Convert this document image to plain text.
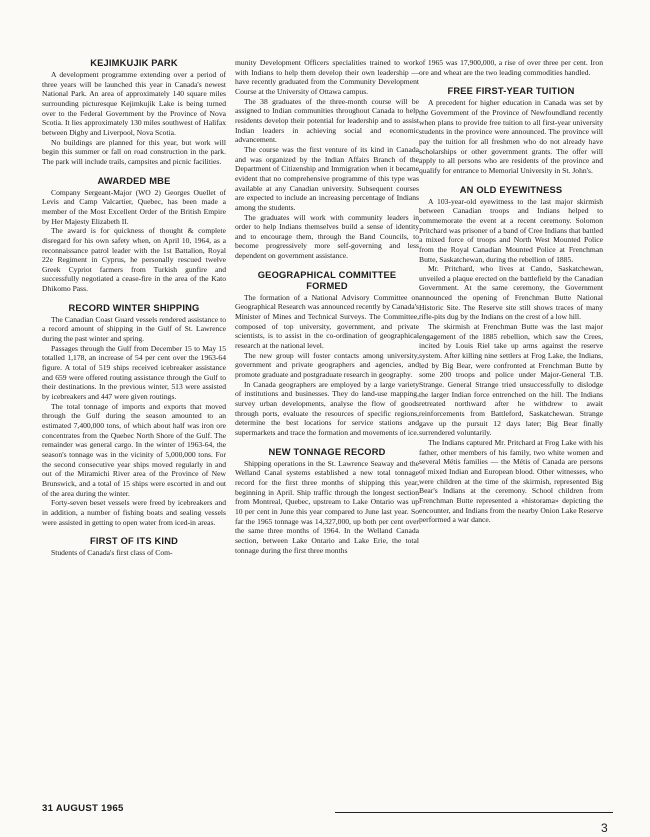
KEJIMKUJIK PARK

A development programme extending over a period of three years will be launched this year in Canada's newest National Park. An area of approximately 140 square miles surrounding picturesque Kejimkujik Lake is being turned over to the Federal Government by the Province of Nova Scotia. It lies approximately 130 miles southwest of Halifax between Digby and Liverpool, Nova Scotia.

No buildings are planned for this year, but work will begin this summer or fall on road construction in the park. The park will include trails, campsites and picnic facilities.

AWARDED MBE

Company Sergeant-Major (WO 2) Georges Ouellet of Levis and Camp Valcartier, Quebec, has been made a member of the Most Excellent Order of the British Empire by Her Majesty Elizabeth II.

The award is for quickness of thought & complete disregard for his own safety when, on April 10, 1964, as a reconnaissance patrol leader with the 1st Battalion, Royal 22e Regiment in Cyprus, he personally rescued twelve Greek Cypriot farmers from Turkish gunfire and successfully negotiated a cease-fire in the area of the Kato Dhikomo Pass.

RECORD WINTER SHIPPING

The Canadian Coast Guard vessels rendered assistance to a record amount of shipping in the Gulf of St. Lawrence during the past winter and spring.

Passages through the Gulf from December 15 to May 15 totalled 1,178, an increase of 54 per cent over the 1963-64 figure. A total of 519 ships received icebreaker assistance and 659 were offered routing assistance through the Gulf to their destinations. In the previous winter, 513 were assisted by icebreakers and 447 were given routings.

The total tonnage of imports and exports that moved through the Gulf during the season amounted to an estimated 7,400,000 tons, of which about half was iron ore concentrates from the Quebec North Shore of the Gulf. The remainder was general cargo. In the winter of 1963-64, the season's tonnage was in the vicinity of 5,000,000 tons. For the second consecutive year ships moved regularly in and out of the Miramichi River area of the Province of New Brunswick, and a total of 15 ships were escorted in and out of the area during the winter.

Forty-seven beset vessels were freed by icebreakers and in addition, a number of fishing boats and sealing vessels were assisted in getting to open water from iced-in areas.

FIRST OF ITS KIND

Students of Canada's first class of Com-

munity Development Officers specialities trained to work with Indians to help them develop their own leadership — have recently graduated from the Community Development Course at the University of Ottawa campus.

The 38 graduates of the three-month course will be assigned to Indian communities throughout Canada to help residents develop their potential for leadership and to assist Indian leaders in achieving social and economic advancement.

The course was the first venture of its kind in Canada and was organized by the Indian Affairs Branch of the Department of Citizenship and Immigration when it became evident that no comprehensive programme of this type was available at any Canadian university. Subsequent courses are expected to include an increasing percentage of Indians among the students.

The graduates will work with community leaders in order to help Indians themselves build a sense of identity and to encourage them, through the Band Councils, to become progressively more self-governing and less dependent on government assistance.

GEOGRAPHICAL COMMITTEE
FORMED

The formation of a National Advisory Committee on Geographical Research was announced recently by Canada's Minister of Mines and Technical Surveys. The Committee, composed of top university, government, and private scientists, is to assist in the co-ordination of geographical research at the national level.

The new group will foster contacts among university, government and private geographers and agencies, and promote graduate and postgraduate research in geography.

In Canada geographers are employed by a large variety of institutions and businesses. They do land-use mapping, survey urban developments, analyse the flow of goods through ports, evaluate the resources of specific regions, determine the best locations for service stations and supermarkets and trace the formation and movements of ice.

NEW TONNAGE RECORD

Shipping operations in the St. Lawrence Seaway and the Welland Canal systems established a new total tonnage record for the first three months of shipping this year, beginning in April. Ship traffic through the longest section from Montreal, Quebec, upstream to Lake Ontario was up 10 per cent in June this year compared to June last year. So far the 1965 tonnage was 14,327,000, up both per cent over the same three months of 1964. In the Welland Canada section, between Lake Ontario and Lake Erie, the total tonnage during the first three months

of 1965 was 17,900,000, a rise of over three per cent. Iron ore and wheat are the two leading commodities handled.

FREE FIRST-YEAR TUITION

A precedent for higher education in Canada was set by the Government of the Province of Newfoundland recently when plans to provide free tuition to all first-year university students in the province were announced. The province will pay the tuition for all freshmen who do not already have scholarships or other government grants. The offer will apply to all persons who are residents of the province and qualify for entrance to Memorial University in St. John's.

AN OLD EYEWITNESS

A 103-year-old eyewitness to the last major skirmish between Canadian troops and Indians helped to commemorate the event at a recent ceremony. Solomon Pritchard was prisoner of a band of Cree Indians that battled a mixed force of troops and North West Mounted Police from the Royal Canadian Mounted Police at Frenchman Butte, Saskatchewan, during the rebellion of 1885.

Mr. Pritchard, who lives at Cando, Saskatchewan, unveiled a plaque erected on the battlefield by the Canadian Government. At the same ceremony, the Government announced the opening of Frenchman Butte National Historic Site. The Reserve site still shows traces of many rifle-pits dug by the Indians on the crest of a low hill.

The skirmish at Frenchman Butte was the last major engagement of the 1885 rebellion, which saw the Crees, incited by Louis Riel take up arms against the reserve system. After killing nine settlers at Frog Lake, the Indians, led by Big Bear, were confronted at Frenchman Butte by some 200 troops and police under Major-General T.B. Strange. General Strange tried unsuccessfully to dislodge the larger Indian force entrenched on the hill. The Indians retreated northward after he withdrew to await reinforcements from Battleford, Saskatchewan. Strange gave up the pursuit 12 days later; Big Bear finally surrendered voluntarily.

The Indians captured Mr. Pritchard at Frog Lake with his father, other members of his family, two white women and several Métis families — the Métis of Canada are persons of mixed Indian and European blood. Other witnesses, who were children at the time of the skirmish, represented Big Bear's Indians at the ceremony. School children from Frenchman Butte represented a «historama» depicting the encounter, and Indians from the nearby Onion Lake Reserve performed a war dance.

31 AUGUST 1965
3
